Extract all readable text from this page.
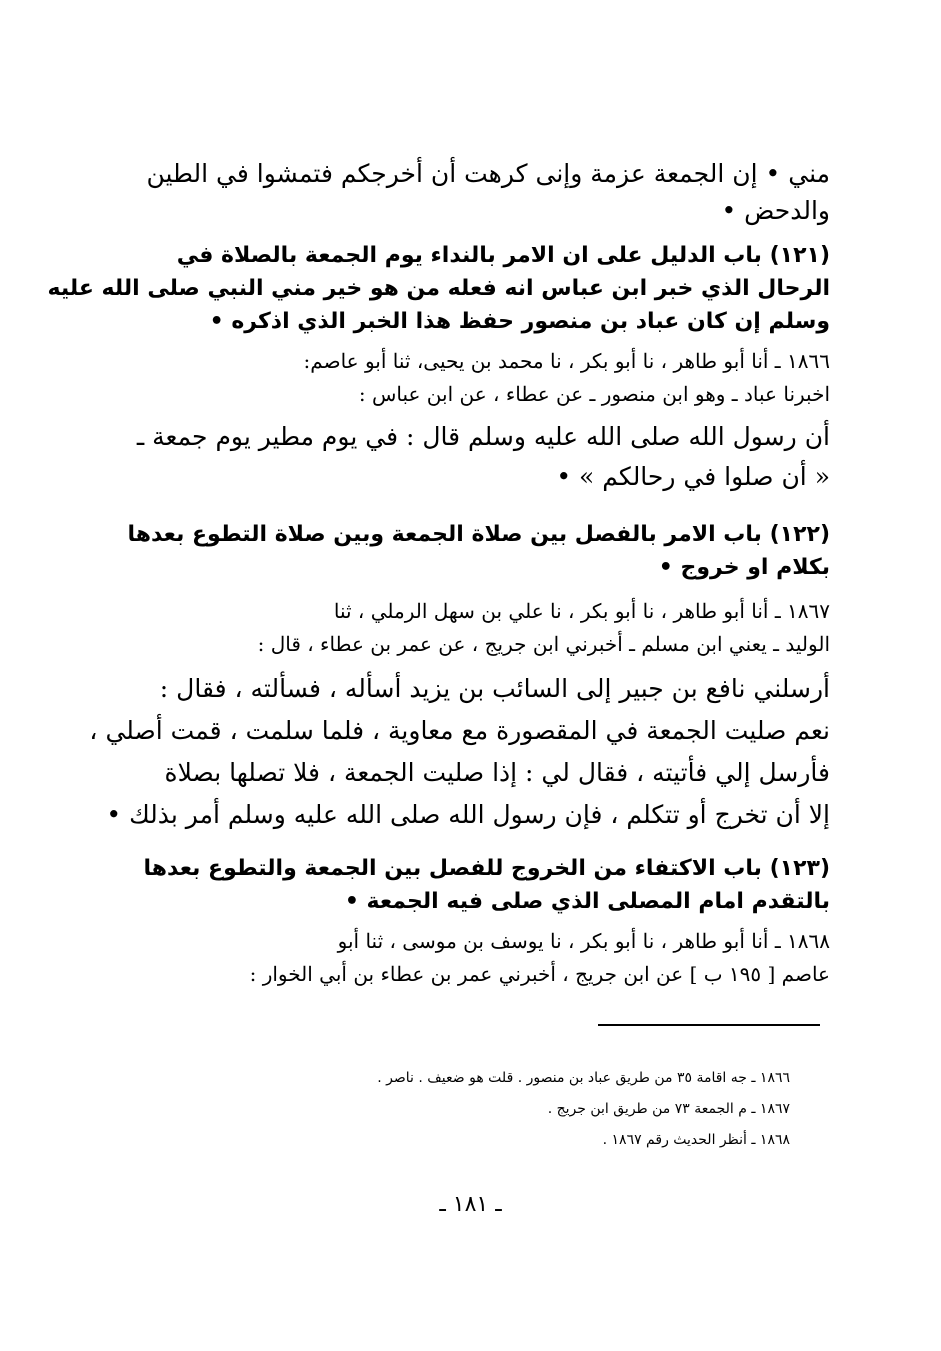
مني • إن الجمعة عزمة وإنى كرهت أن أخرجكم فتمشوا في الطين
والدحض •
(١٢١) باب الدليل على ان الامر بالنداء يوم الجمعة بالصلاة في
الرحال الذي خبر ابن عباس انه فعله من هو خير مني النبي صلى الله عليه
وسلم إن كان عباد بن منصور حفظ هذا الخبر الذي اذكره •
١٨٦٦ ـ أنا أبو طاهر ، نا أبو بكر ، نا محمد بن يحيى، ثنا أبو عاصم:
اخبرنا عباد ـ وهو ابن منصور ـ عن عطاء ، عن ابن عباس :
أن رسول الله صلى الله عليه وسلم قال : في يوم مطير يوم جمعة ـ
« أن صلوا في رحالكم » •
(١٢٢) باب الامر بالفصل بين صلاة الجمعة وبين صلاة التطوع بعدها
بكلام او خروج •
١٨٦٧ ـ أنا أبو طاهر ، نا أبو بكر ، نا علي بن سهل الرملي ، ثنا
الوليد ـ يعني ابن مسلم ـ أخبرني ابن جريج ، عن عمر بن عطاء ، قال :
أرسلني نافع بن جبير إلى السائب بن يزيد أسأله ، فسألته ، فقال :
نعم صليت الجمعة في المقصورة مع معاوية ، فلما سلمت ، قمت أصلي ،
فأرسل إلي فأتيته ، فقال لي : إذا صليت الجمعة ، فلا تصلها بصلاة
إلا أن تخرج أو تتكلم ، فإن رسول الله صلى الله عليه وسلم أمر بذلك •
(١٢٣) باب الاكتفاء من الخروج للفصل بين الجمعة والتطوع بعدها
بالتقدم امام المصلى الذي صلى فيه الجمعة •
١٨٦٨ ـ أنا أبو طاهر ، نا أبو بكر ، نا يوسف بن موسى ، ثنا أبو
عاصم [ ١٩٥ ب ] عن ابن جريج ، أخبرني عمر بن عطاء بن أبي الخوار :
١٨٦٦ ـ جه اقامة ٣٥ من طريق عباد بن منصور . قلت هو ضعيف . ناصر .
١٨٦٧ ـ م الجمعة ٧٣ من طريق ابن جريج .
١٨٦٨ ـ أنظر الحديث رقم ١٨٦٧ .
ـ ١٨١ ـ
